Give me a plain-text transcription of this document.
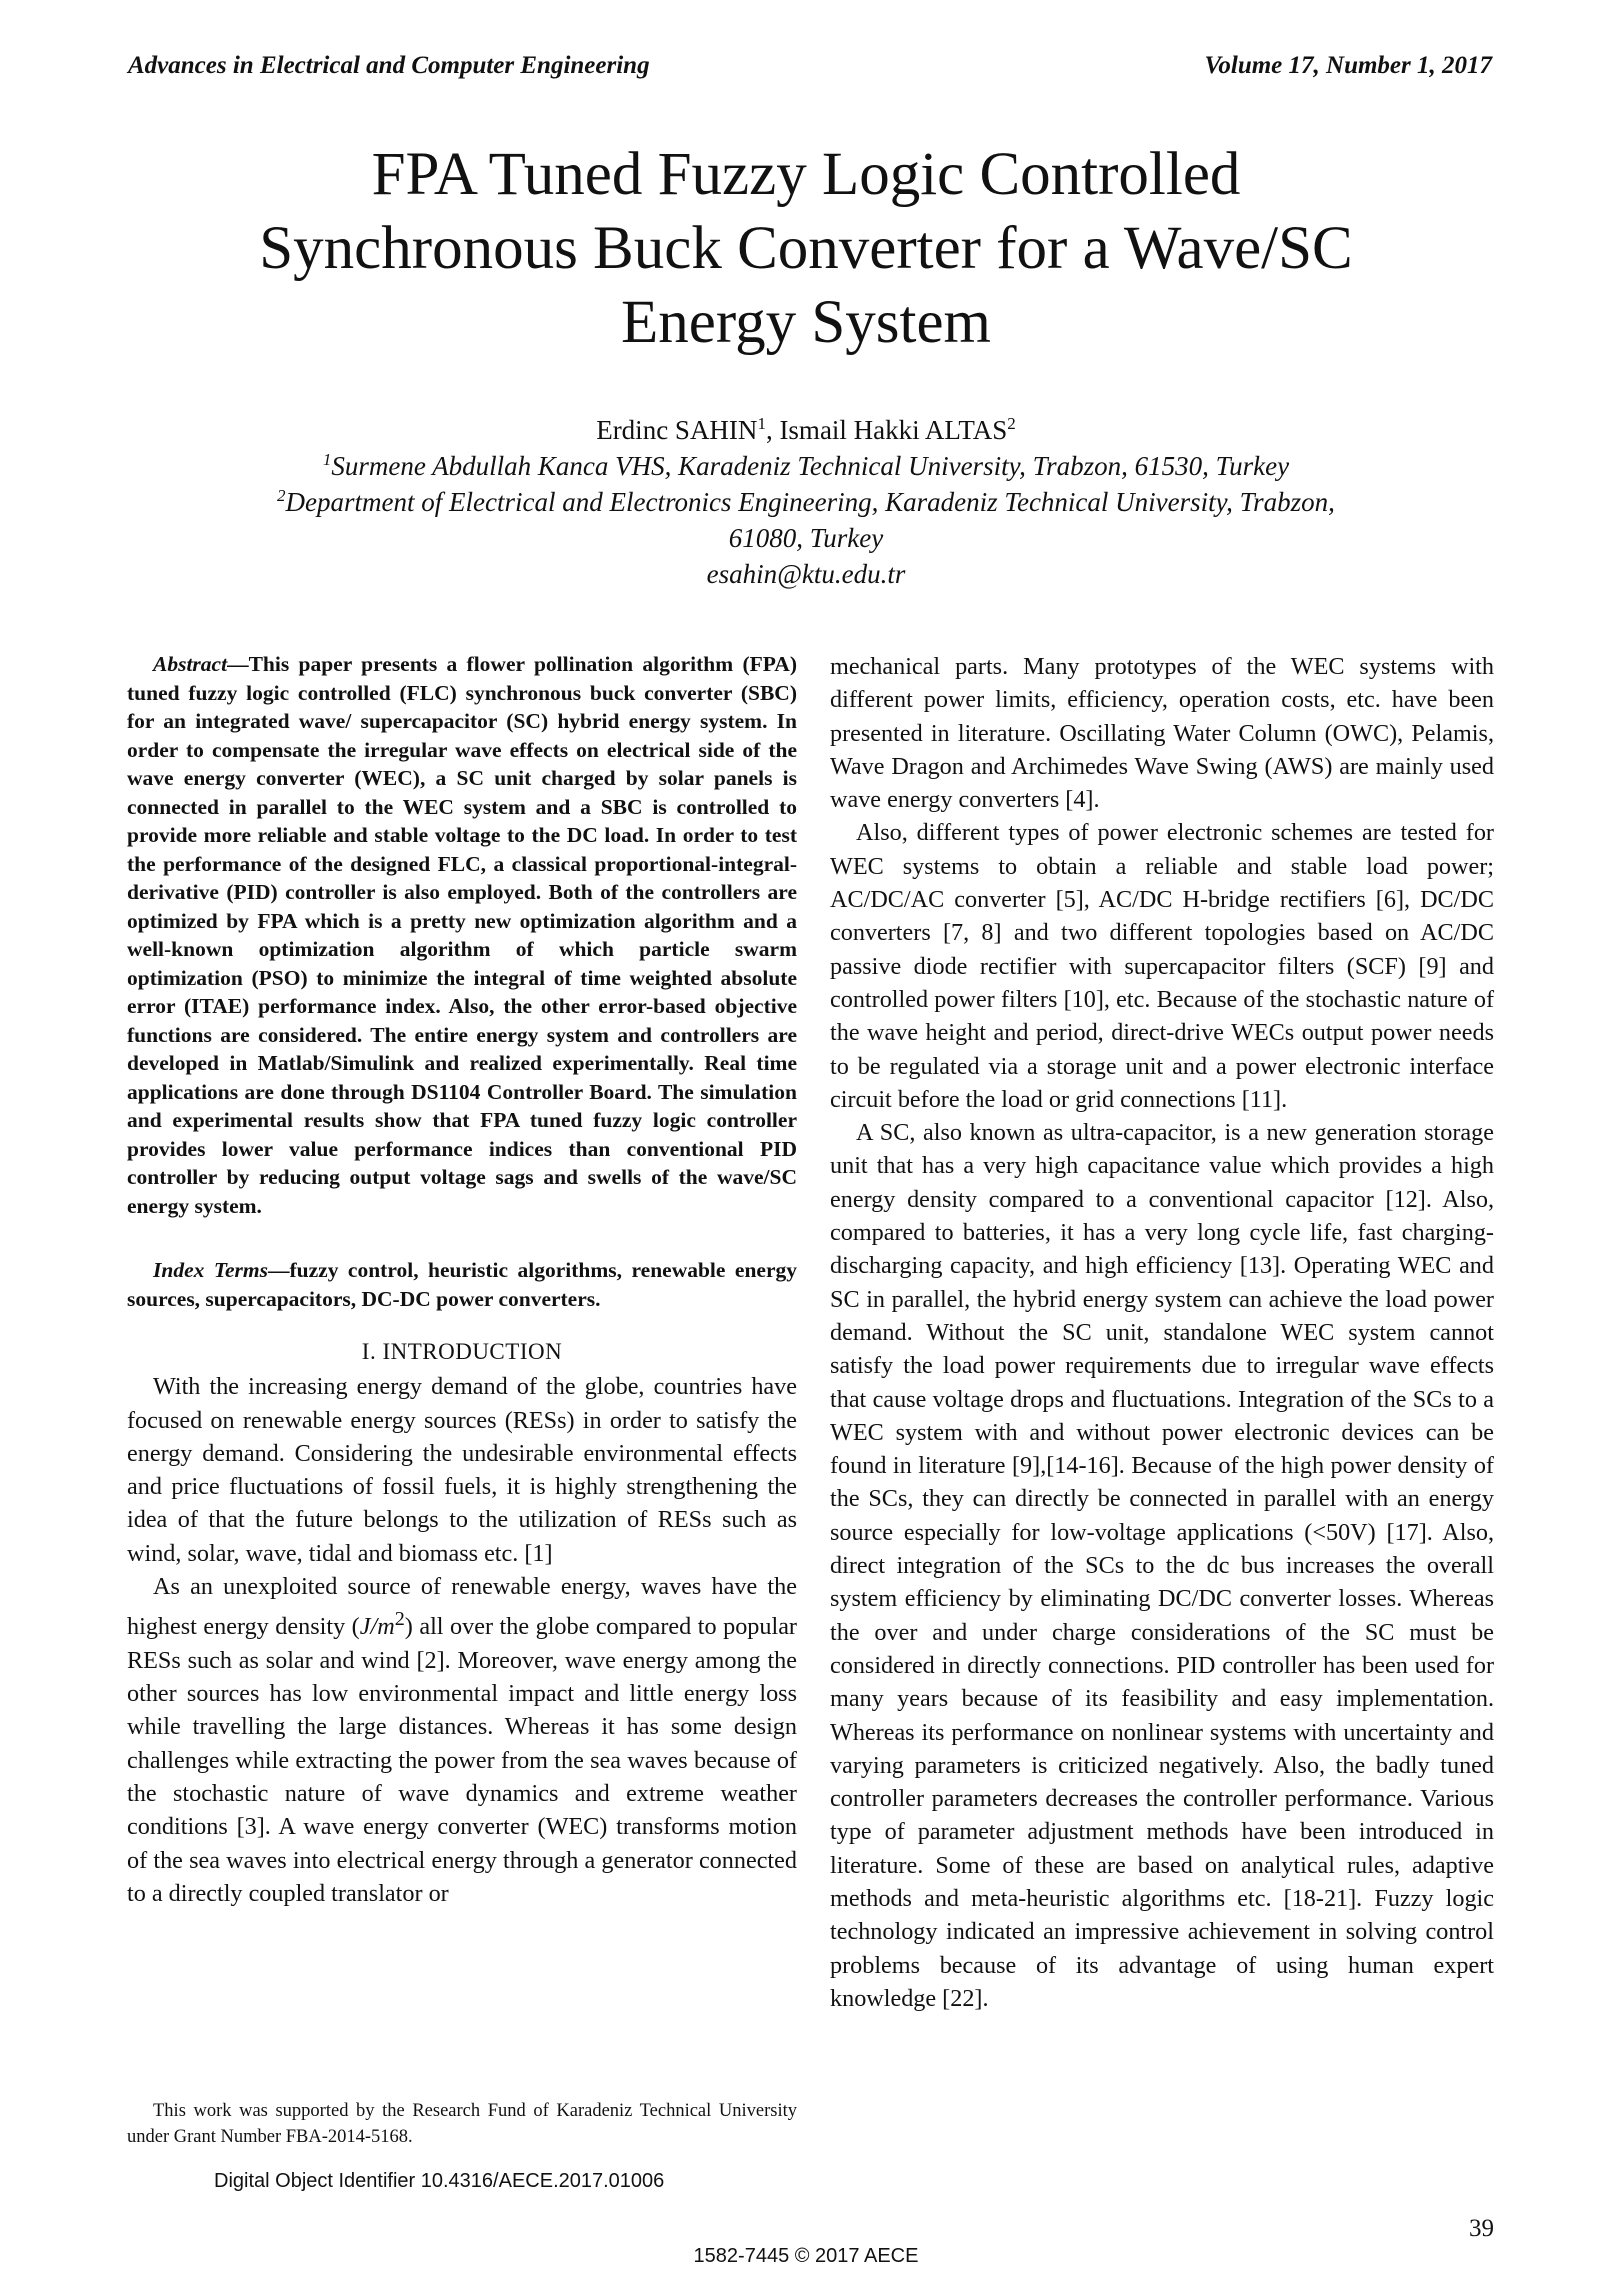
Advances in Electrical and Computer Engineering	Volume 17, Number 1, 2017
FPA Tuned Fuzzy Logic Controlled
Synchronous Buck Converter for a Wave/SC
Energy System
Erdinc SAHIN$^1$, Ismail Hakki ALTAS$^2$
$^1$Surmene Abdullah Kanca VHS, Karadeniz Technical University, Trabzon, 61530, Turkey
$^2$Department of Electrical and Electronics Engineering, Karadeniz Technical University, Trabzon,
61080, Turkey
esahin@ktu.edu.tr

Abstract—This paper presents a flower pollination algorithm (FPA) tuned fuzzy logic controlled (FLC) synchronous buck converter (SBC) for an integrated wave/ supercapacitor (SC) hybrid energy system. In order to compensate the irregular wave effects on electrical side of the wave energy converter (WEC), a SC unit charged by solar panels is connected in parallel to the WEC system and a SBC is controlled to provide more reliable and stable voltage to the DC load. In order to test the performance of the designed FLC, a classical proportional-integral-derivative (PID) controller is also employed. Both of the controllers are optimized by FPA which is a pretty new optimization algorithm and a well-known optimization algorithm of which particle swarm optimization (PSO) to minimize the integral of time weighted absolute error (ITAE) performance index. Also, the other error-based objective functions are considered. The entire energy system and controllers are developed in Matlab/Simulink and realized experimentally. Real time applications are done through DS1104 Controller Board. The simulation and experimental results show that FPA tuned fuzzy logic controller provides lower value performance indices than conventional PID controller by reducing output voltage sags and swells of the wave/SC energy system.

Index Terms—fuzzy control, heuristic algorithms, renewable energy sources, supercapacitors, DC-DC power converters.

I. INTRODUCTION

With the increasing energy demand of the globe, countries have focused on renewable energy sources (RESs) in order to satisfy the energy demand. Considering the undesirable environmental effects and price fluctuations of fossil fuels, it is highly strengthening the idea of that the future belongs to the utilization of RESs such as wind, solar, wave, tidal and biomass etc. [1]

As an unexploited source of renewable energy, waves have the highest energy density $(J/m^2)$ all over the globe compared to popular RESs such as solar and wind [2]. Moreover, wave energy among the other sources has low environmental impact and little energy loss while travelling the large distances. Whereas it has some design challenges while extracting the power from the sea waves because of the stochastic nature of wave dynamics and extreme weather conditions [3]. A wave energy converter (WEC) transforms motion of the sea waves into electrical energy through a generator connected to a directly coupled translator or

mechanical parts. Many prototypes of the WEC systems with different power limits, efficiency, operation costs, etc. have been presented in literature. Oscillating Water Column (OWC), Pelamis, Wave Dragon and Archimedes Wave Swing (AWS) are mainly used wave energy converters [4].

Also, different types of power electronic schemes are tested for WEC systems to obtain a reliable and stable load power; AC/DC/AC converter [5], AC/DC H-bridge rectifiers [6], DC/DC converters [7, 8] and two different topologies based on AC/DC passive diode rectifier with supercapacitor filters (SCF) [9] and controlled power filters [10], etc. Because of the stochastic nature of the wave height and period, direct-drive WECs output power needs to be regulated via a storage unit and a power electronic interface circuit before the load or grid connections [11].

A SC, also known as ultra-capacitor, is a new generation storage unit that has a very high capacitance value which provides a high energy density compared to a conventional capacitor [12]. Also, compared to batteries, it has a very long cycle life, fast charging-discharging capacity, and high efficiency [13]. Operating WEC and SC in parallel, the hybrid energy system can achieve the load power demand. Without the SC unit, standalone WEC system cannot satisfy the load power requirements due to irregular wave effects that cause voltage drops and fluctuations. Integration of the SCs to a WEC system with and without power electronic devices can be found in literature [9],[14-16]. Because of the high power density of the SCs, they can directly be connected in parallel with an energy source especially for low-voltage applications (<50V) [17]. Also, direct integration of the SCs to the dc bus increases the overall system efficiency by eliminating DC/DC converter losses. Whereas the over and under charge considerations of the SC must be considered in directly connections. PID controller has been used for many years because of its feasibility and easy implementation. Whereas its performance on nonlinear systems with uncertainty and varying parameters is criticized negatively. Also, the badly tuned controller parameters decreases the controller performance. Various type of parameter adjustment methods have been introduced in literature. Some of these are based on analytical rules, adaptive methods and meta-heuristic algorithms etc. [18-21]. Fuzzy logic technology indicated an impressive achievement in solving control problems because of its advantage of using human expert knowledge [22].

This work was supported by the Research Fund of Karadeniz Technical University under Grant Number FBA-2014-5168.
Digital Object Identifier 10.4316/AECE.2017.01006
39
1582-7445 © 2017 AECE
